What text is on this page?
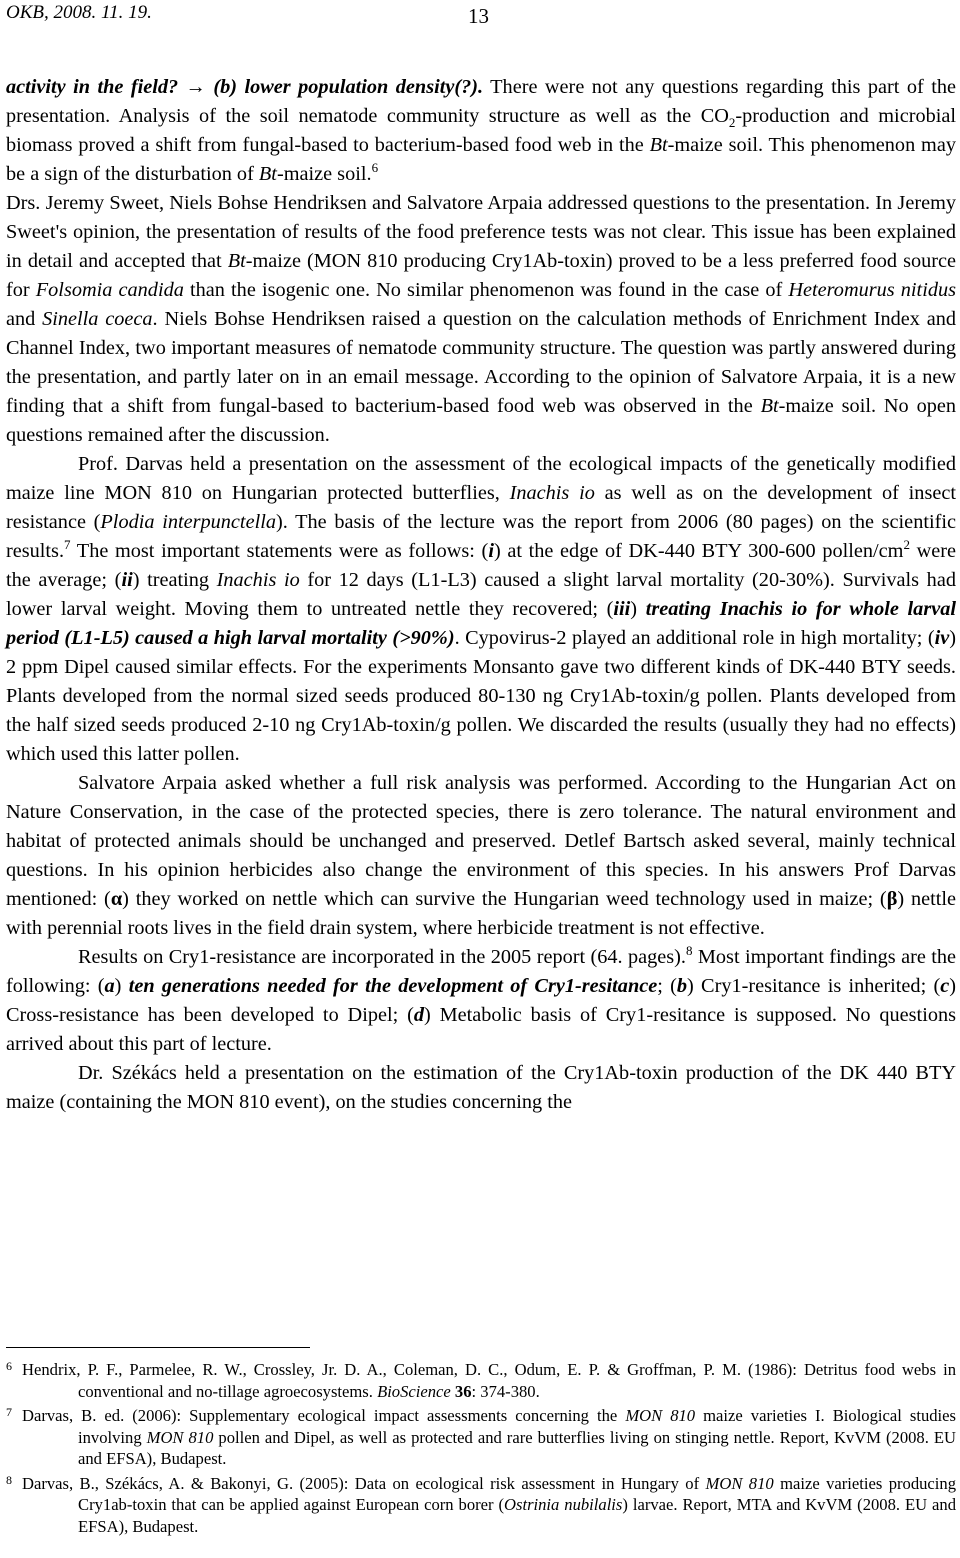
OKB, 2008. 11. 19.	13

activity in the field? → (b) lower population density(?). There were not any questions regarding this part of the presentation. Analysis of the soil nematode community structure as well as the $CO_2$-production and microbial biomass proved a shift from fungal-based to bacterium-based food web in the Bt-maize soil. This phenomenon may be a sign of the disturbation of Bt-maize soil.$^6$

Drs. Jeremy Sweet, Niels Bohse Hendriksen and Salvatore Arpaia addressed questions to the presentation. In Jeremy Sweet's opinion, the presentation of results of the food preference tests was not clear. This issue has been explained in detail and accepted that Bt-maize (MON 810 producing Cry1Ab-toxin) proved to be a less preferred food source for Folsomia candida than the isogenic one. No similar phenomenon was found in the case of Heteromurus nitidus and Sinella coeca. Niels Bohse Hendriksen raised a question on the calculation methods of Enrichment Index and Channel Index, two important measures of nematode community structure. The question was partly answered during the presentation, and partly later on in an email message. According to the opinion of Salvatore Arpaia, it is a new finding that a shift from fungal-based to bacterium-based food web was observed in the Bt-maize soil. No open questions remained after the discussion.

Prof. Darvas held a presentation on the assessment of the ecological impacts of the genetically modified maize line MON 810 on Hungarian protected butterflies, Inachis io as well as on the development of insect resistance (Plodia interpunctella). The basis of the lecture was the report from 2006 (80 pages) on the scientific results.$^7$ The most important statements were as follows: (i) at the edge of DK-440 BTY 300-600 pollen/$cm^2$ were the average; (ii) treating Inachis io for 12 days (L1-L3) caused a slight larval mortality (20-30%). Survivals had lower larval weight. Moving them to untreated nettle they recovered; (iii) treating Inachis io for whole larval period (L1-L5) caused a high larval mortality (>90%). Cypovirus-2 played an additional role in high mortality; (iv) 2 ppm Dipel caused similar effects. For the experiments Monsanto gave two different kinds of DK-440 BTY seeds. Plants developed from the normal sized seeds produced 80-130 ng Cry1Ab-toxin/g pollen. Plants developed from the half sized seeds produced 2-10 ng Cry1Ab-toxin/g pollen. We discarded the results (usually they had no effects) which used this latter pollen.

Salvatore Arpaia asked whether a full risk analysis was performed. According to the Hungarian Act on Nature Conservation, in the case of the protected species, there is zero tolerance. The natural environment and habitat of protected animals should be unchanged and preserved. Detlef Bartsch asked several, mainly technical questions. In his opinion herbicides also change the environment of this species. In his answers Prof Darvas mentioned: (α) they worked on nettle which can survive the Hungarian weed technology used in maize; (β) nettle with perennial roots lives in the field drain system, where herbicide treatment is not effective.

Results on Cry1-resistance are incorporated in the 2005 report (64. pages).$^8$ Most important findings are the following: (a) ten generations needed for the development of Cry1-resitance; (b) Cry1-resitance is inherited; (c) Cross-resistance has been developed to Dipel; (d) Metabolic basis of Cry1-resitance is supposed. No questions arrived about this part of lecture.

Dr. Székács held a presentation on the estimation of the Cry1Ab-toxin production of the DK 440 BTY maize (containing the MON 810 event), on the studies concerning the

6 Hendrix, P. F., Parmelee, R. W., Crossley, Jr. D. A., Coleman, D. C., Odum, E. P. & Groffman, P. M. (1986): Detritus food webs in conventional and no-tillage agroecosystems. BioScience 36: 374-380.

7 Darvas, B. ed. (2006): Supplementary ecological impact assessments concerning the MON 810 maize varieties I. Biological studies involving MON 810 pollen and Dipel, as well as protected and rare butterflies living on stinging nettle. Report, KvVM (2008. EU and EFSA), Budapest.

8 Darvas, B., Székács, A. & Bakonyi, G. (2005): Data on ecological risk assessment in Hungary of MON 810 maize varieties producing Cry1ab-toxin that can be applied against European corn borer (Ostrinia nubilalis) larvae. Report, MTA and KvVM (2008. EU and EFSA), Budapest.
